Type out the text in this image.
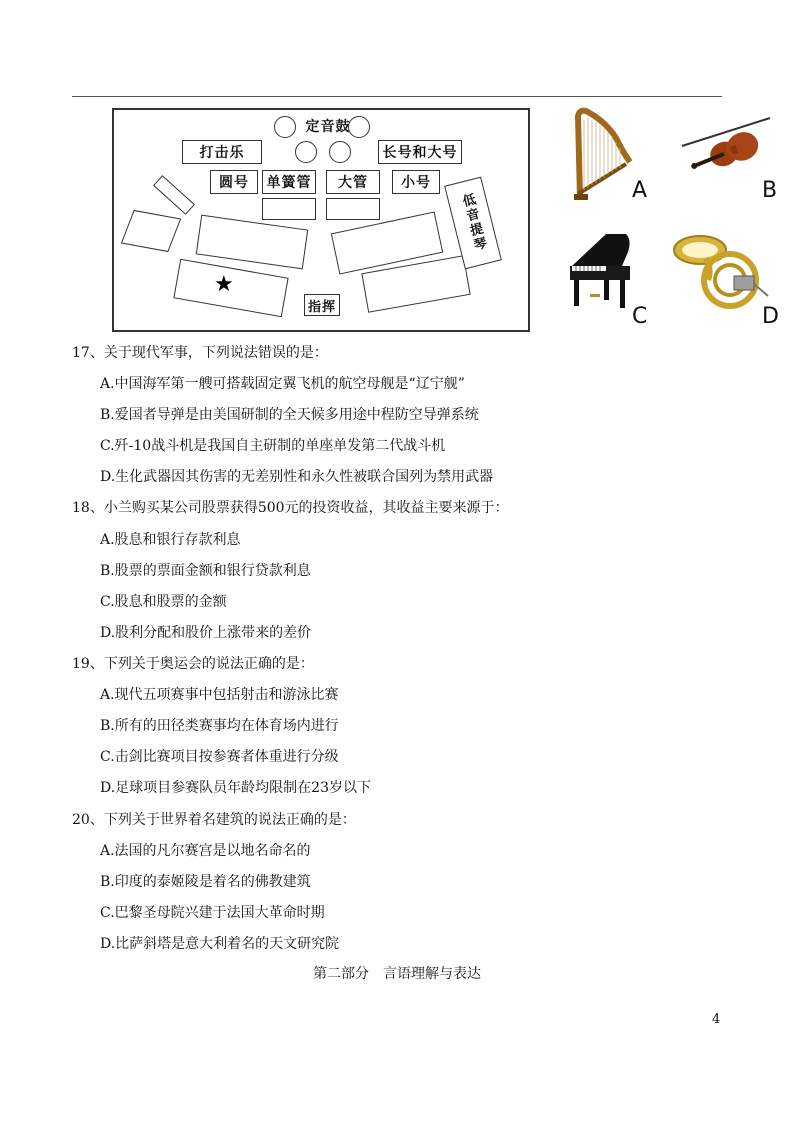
定音鼓
打击乐	长号和大号
圆号	单簧管	大管	小号
★
低音提琴
指挥
A	B
C	D
17、关于现代军事，下列说法错误的是：
A.中国海军第一艘可搭载固定翼飞机的航空母舰是“辽宁舰”
B.爱国者导弹是由美国研制的全天候多用途中程防空导弹系统
C.歼-10战斗机是我国自主研制的单座单发第二代战斗机
D.生化武器因其伤害的无差别性和永久性被联合国列为禁用武器
18、小兰购买某公司股票获得500元的投资收益，其收益主要来源于：
A.股息和银行存款利息
B.股票的票面金额和银行贷款利息
C.股息和股票的金额
D.股利分配和股价上涨带来的差价
19、下列关于奥运会的说法正确的是：
A.现代五项赛事中包括射击和游泳比赛
B.所有的田径类赛事均在体育场内进行
C.击剑比赛项目按参赛者体重进行分级
D.足球项目参赛队员年龄均限制在23岁以下
20、下列关于世界着名建筑的说法正确的是：
A.法国的凡尔赛宫是以地名命名的
B.印度的泰姬陵是着名的佛教建筑
C.巴黎圣母院兴建于法国大革命时期
D.比萨斜塔是意大利着名的天文研究院
第二部分　言语理解与表达
4
